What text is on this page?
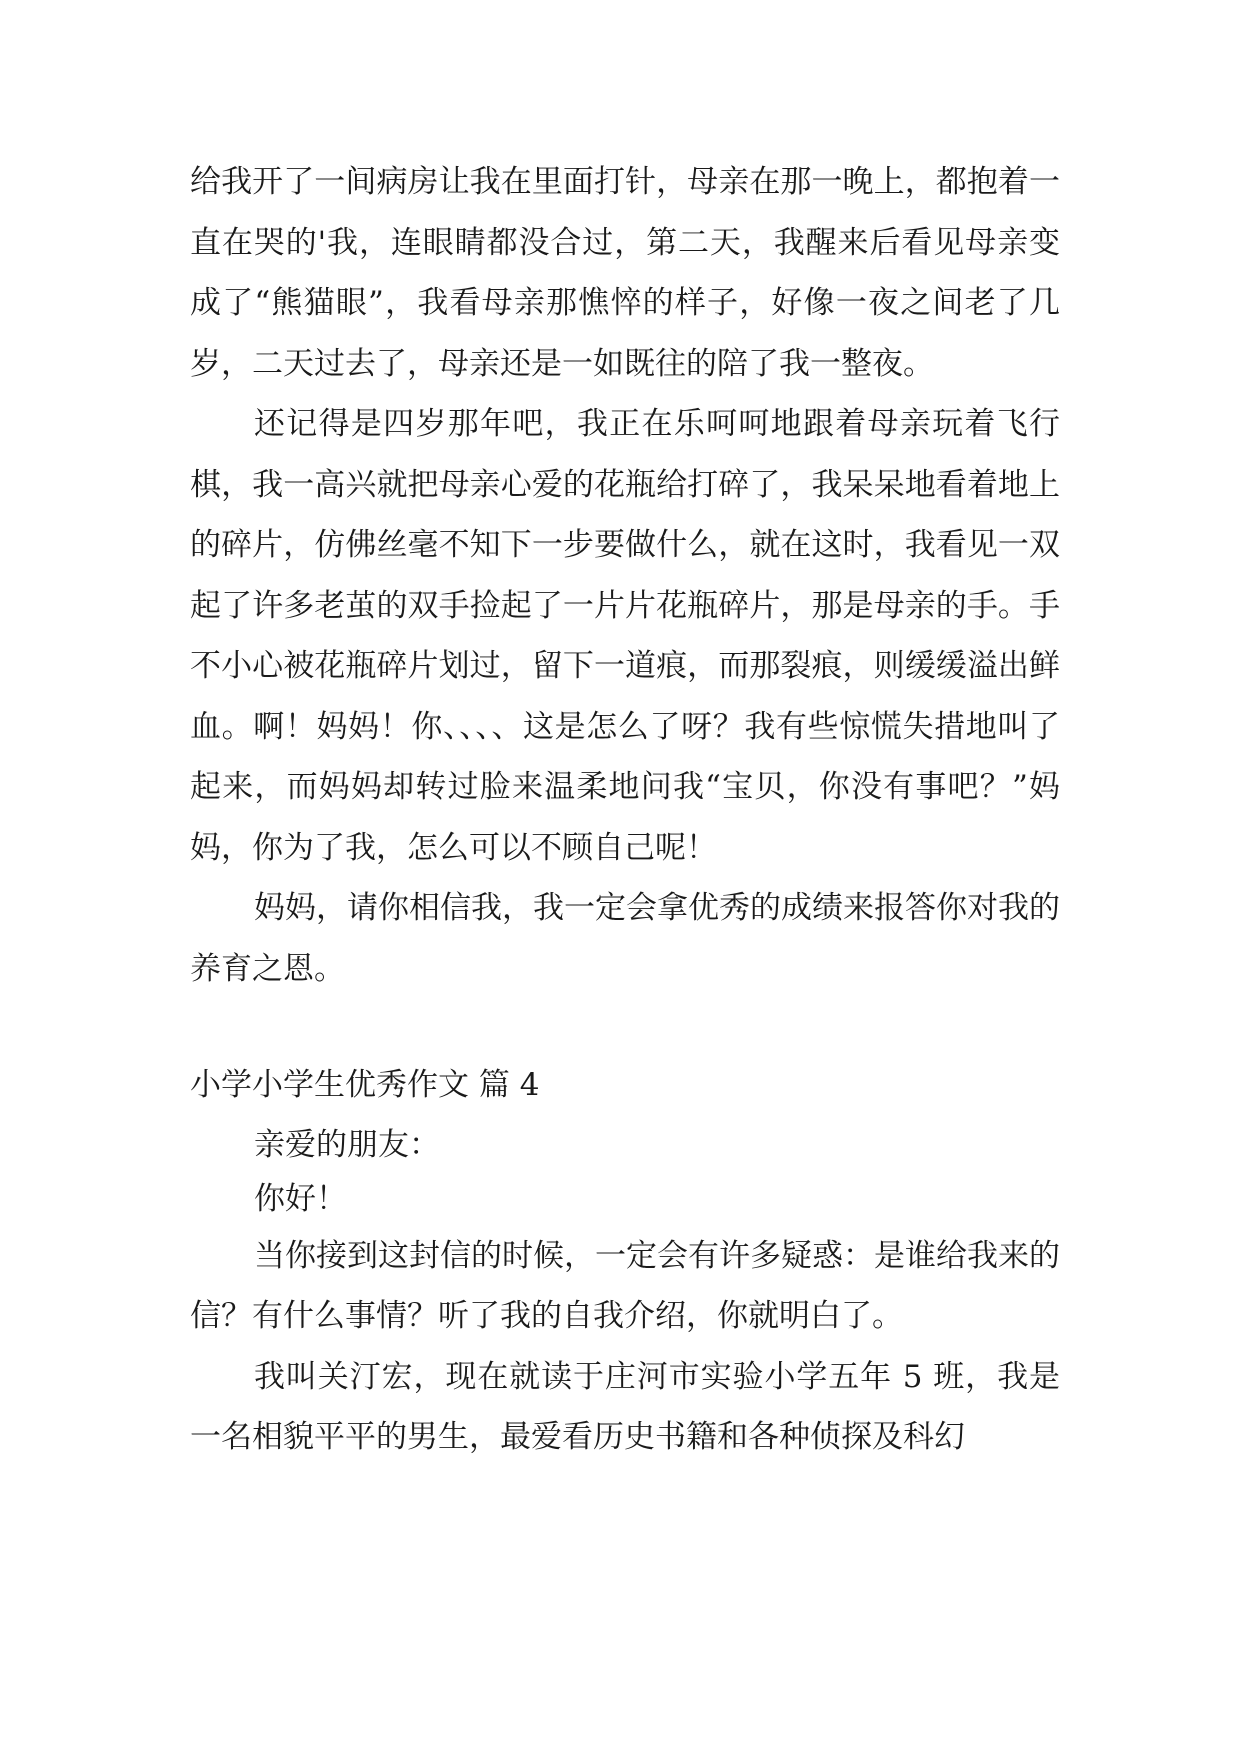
给我开了一间病房让我在里面打针，母亲在那一晚上，都抱着一直在哭的'我，连眼睛都没合过，第二天，我醒来后看见母亲变成了“熊猫眼”，我看母亲那憔悴的样子，好像一夜之间老了几岁，二天过去了，母亲还是一如既往的陪了我一整夜。

还记得是四岁那年吧，我正在乐呵呵地跟着母亲玩着飞行棋，我一高兴就把母亲心爱的花瓶给打碎了，我呆呆地看着地上的碎片，仿佛丝毫不知下一步要做什么，就在这时，我看见一双起了许多老茧的双手捡起了一片片花瓶碎片，那是母亲的手。手不小心被花瓶碎片划过，留下一道痕，而那裂痕，则缓缓溢出鲜血。啊！妈妈！你、、、、这是怎么了呀？我有些惊慌失措地叫了起来，而妈妈却转过脸来温柔地问我“宝贝，你没有事吧？”妈妈，你为了我，怎么可以不顾自己呢！

妈妈，请你相信我，我一定会拿优秀的成绩来报答你对我的养育之恩。

小学小学生优秀作文 篇 4

亲爱的朋友：

你好！

当你接到这封信的时候，一定会有许多疑惑：是谁给我来的信？有什么事情？听了我的自我介绍，你就明白了。

我叫关汀宏，现在就读于庄河市实验小学五年 5 班，我是一名相貌平平的男生，最爱看历史书籍和各种侦探及科幻
